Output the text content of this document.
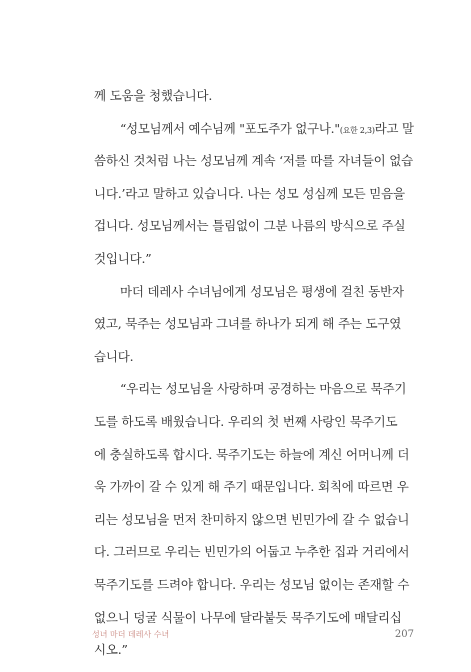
께 도움을 청했습니다.
“성모님께서 예수님께 "포도주가 없구나."(요한 2,3)라고 말
씀하신 것처럼 나는 성모님께 계속 ‘저를 따를 자녀들이 없습
니다.’라고 말하고 있습니다. 나는 성모 성심께 모든 믿음을
겁니다. 성모님께서는 틀림없이 그분 나름의 방식으로 주실
것입니다.”
마더 데레사 수녀님에게 성모님은 평생에 걸친 동반자
였고, 묵주는 성모님과 그녀를 하나가 되게 해 주는 도구였
습니다.
“우리는 성모님을 사랑하며 공경하는 마음으로 묵주기
도를 하도록 배웠습니다. 우리의 첫 번째 사랑인 묵주기도
에 충실하도록 합시다. 묵주기도는 하늘에 계신 어머니께 더
욱 가까이 갈 수 있게 해 주기 때문입니다. 회칙에 따르면 우
리는 성모님을 먼저 찬미하지 않으면 빈민가에 갈 수 없습니
다. 그러므로 우리는 빈민가의 어둡고 누추한 집과 거리에서
묵주기도를 드려야 합니다. 우리는 성모님 없이는 존재할 수
없으니 덩굴 식물이 나무에 달라붙듯 묵주기도에 매달리십
시오.”
성녀 마더 데레사 수녀	207
